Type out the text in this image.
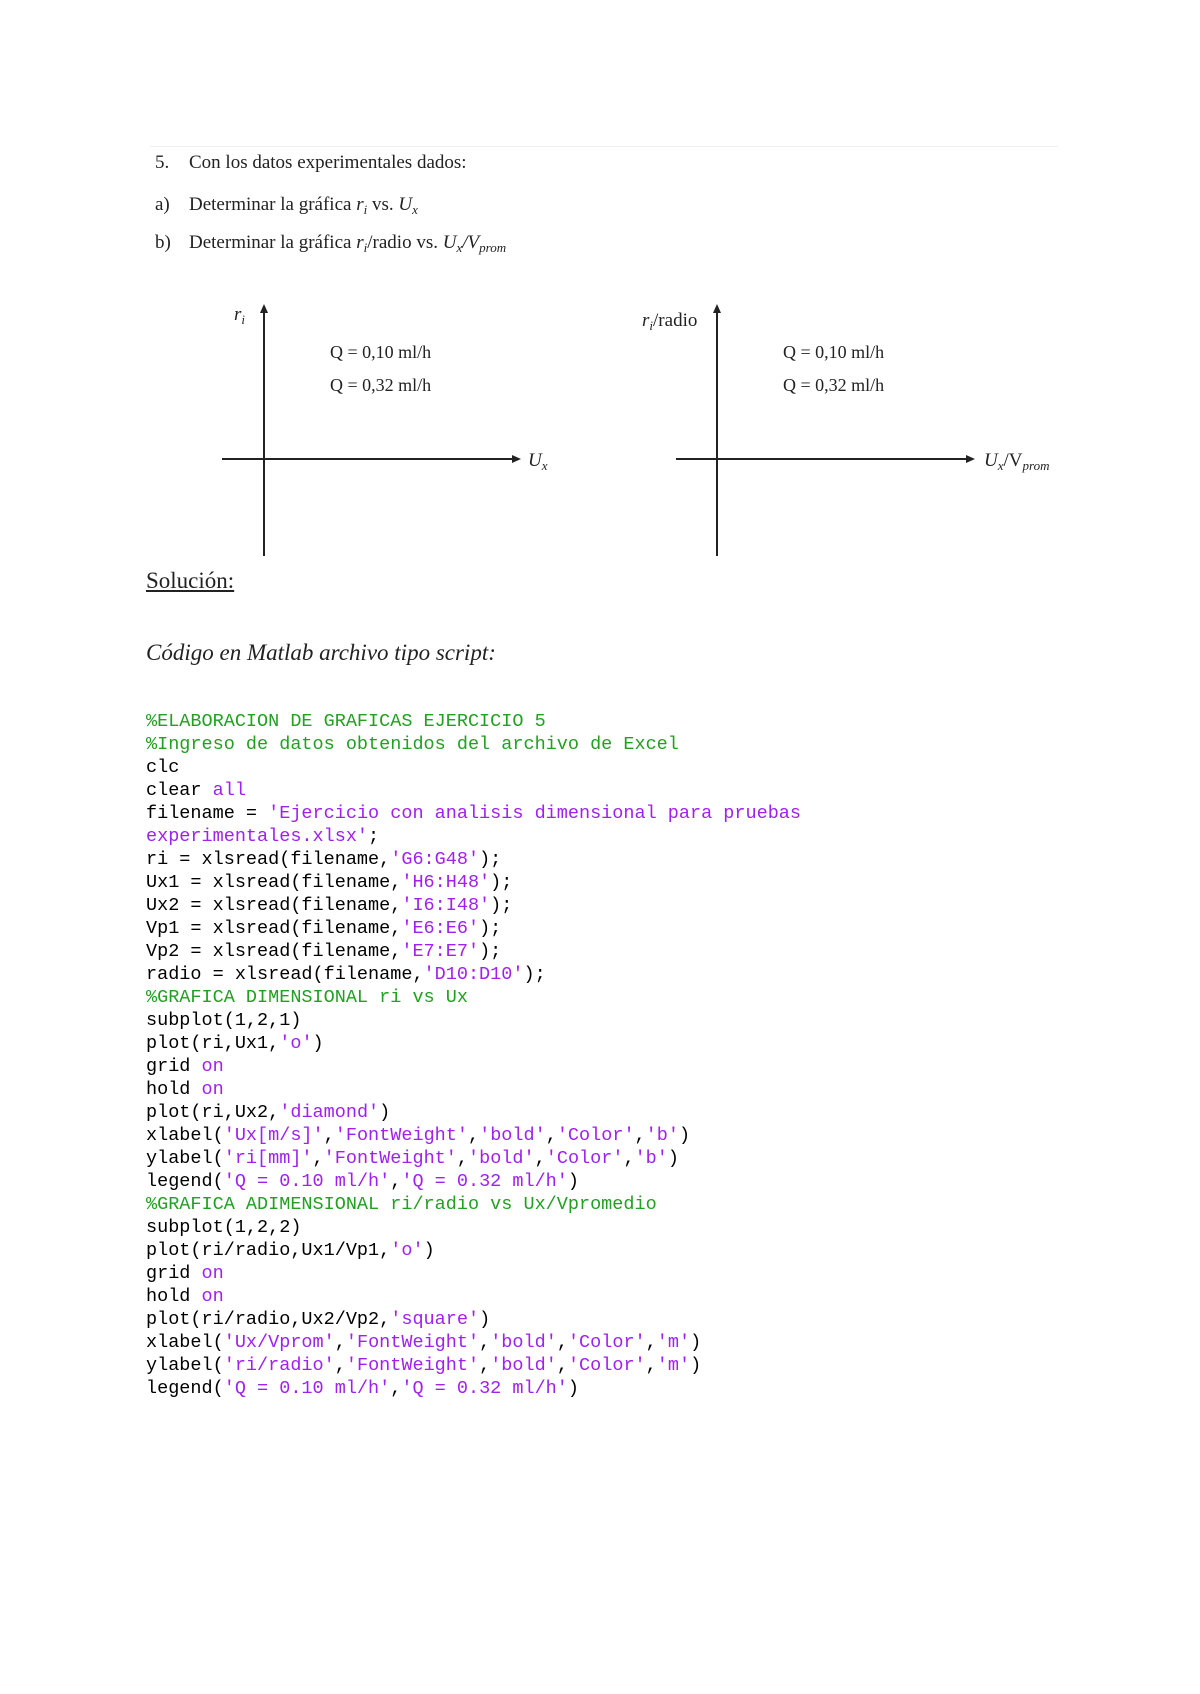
5. Con los datos experimentales dados:
a) Determinar la gráfica $r_i$ vs. $U_x$
b) Determinar la gráfica $r_i$/radio vs. $U_x/V_{prom}$
$r_i$
$U_x$
Q = 0,10 ml/h
Q = 0,32 ml/h
$r_i$/radio
$U_x/V_{prom}$
Q = 0,10 ml/h
Q = 0,32 ml/h
Solución:
Código en Matlab archivo tipo script:
%ELABORACION DE GRAFICAS EJERCICIO 5
%Ingreso de datos obtenidos del archivo de Excel
clc
clear all
filename = 'Ejercicio con analisis dimensional para pruebas
experimentales.xlsx';
ri = xlsread(filename,'G6:G48');
Ux1 = xlsread(filename,'H6:H48');
Ux2 = xlsread(filename,'I6:I48');
Vp1 = xlsread(filename,'E6:E6');
Vp2 = xlsread(filename,'E7:E7');
radio = xlsread(filename,'D10:D10');
%GRAFICA DIMENSIONAL ri vs Ux
subplot(1,2,1)
plot(ri,Ux1,'o')
grid on
hold on
plot(ri,Ux2,'diamond')
xlabel('Ux[m/s]','FontWeight','bold','Color','b')
ylabel('ri[mm]','FontWeight','bold','Color','b')
legend('Q = 0.10 ml/h','Q = 0.32 ml/h')
%GRAFICA ADIMENSIONAL ri/radio vs Ux/Vpromedio
subplot(1,2,2)
plot(ri/radio,Ux1/Vp1,'o')
grid on
hold on
plot(ri/radio,Ux2/Vp2,'square')
xlabel('Ux/Vprom','FontWeight','bold','Color','m')
ylabel('ri/radio','FontWeight','bold','Color','m')
legend('Q = 0.10 ml/h','Q = 0.32 ml/h')
